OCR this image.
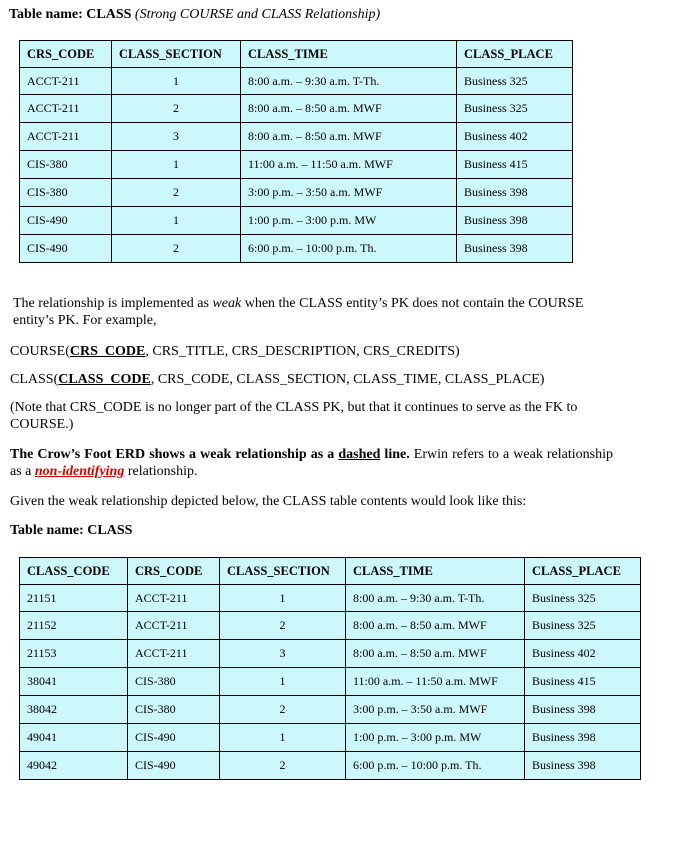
Table name: CLASS (Strong COURSE and CLASS Relationship)
CRS_CODE	CLASS_SECTION	CLASS_TIME	CLASS_PLACE
ACCT-211	1	8:00 a.m. – 9:30 a.m. T-Th.	Business 325
ACCT-211	2	8:00 a.m. – 8:50 a.m. MWF	Business 325
ACCT-211	3	8:00 a.m. – 8:50 a.m. MWF	Business 402
CIS-380	1	11:00 a.m. – 11:50 a.m. MWF	Business 415
CIS-380	2	3:00 p.m. – 3:50 a.m. MWF	Business 398
CIS-490	1	1:00 p.m. – 3:00 p.m. MW	Business 398
CIS-490	2	6:00 p.m. – 10:00 p.m. Th.	Business 398
The relationship is implemented as weak when the CLASS entity’s PK does not contain the COURSE entity’s PK. For example,
COURSE(CRS_CODE, CRS_TITLE, CRS_DESCRIPTION, CRS_CREDITS)
CLASS(CLASS_CODE, CRS_CODE, CLASS_SECTION, CLASS_TIME, CLASS_PLACE)
(Note that CRS_CODE is no longer part of the CLASS PK, but that it continues to serve as the FK to COURSE.)
The Crow’s Foot ERD shows a weak relationship as a dashed line. Erwin refers to a weak relationship as a non-identifying relationship.
Given the weak relationship depicted below, the CLASS table contents would look like this:
Table name: CLASS
CLASS_CODE	CRS_CODE	CLASS_SECTION	CLASS_TIME	CLASS_PLACE
21151	ACCT-211	1	8:00 a.m. – 9:30 a.m. T-Th.	Business 325
21152	ACCT-211	2	8:00 a.m. – 8:50 a.m. MWF	Business 325
21153	ACCT-211	3	8:00 a.m. – 8:50 a.m. MWF	Business 402
38041	CIS-380	1	11:00 a.m. – 11:50 a.m. MWF	Business 415
38042	CIS-380	2	3:00 p.m. – 3:50 a.m. MWF	Business 398
49041	CIS-490	1	1:00 p.m. – 3:00 p.m. MW	Business 398
49042	CIS-490	2	6:00 p.m. – 10:00 p.m. Th.	Business 398
